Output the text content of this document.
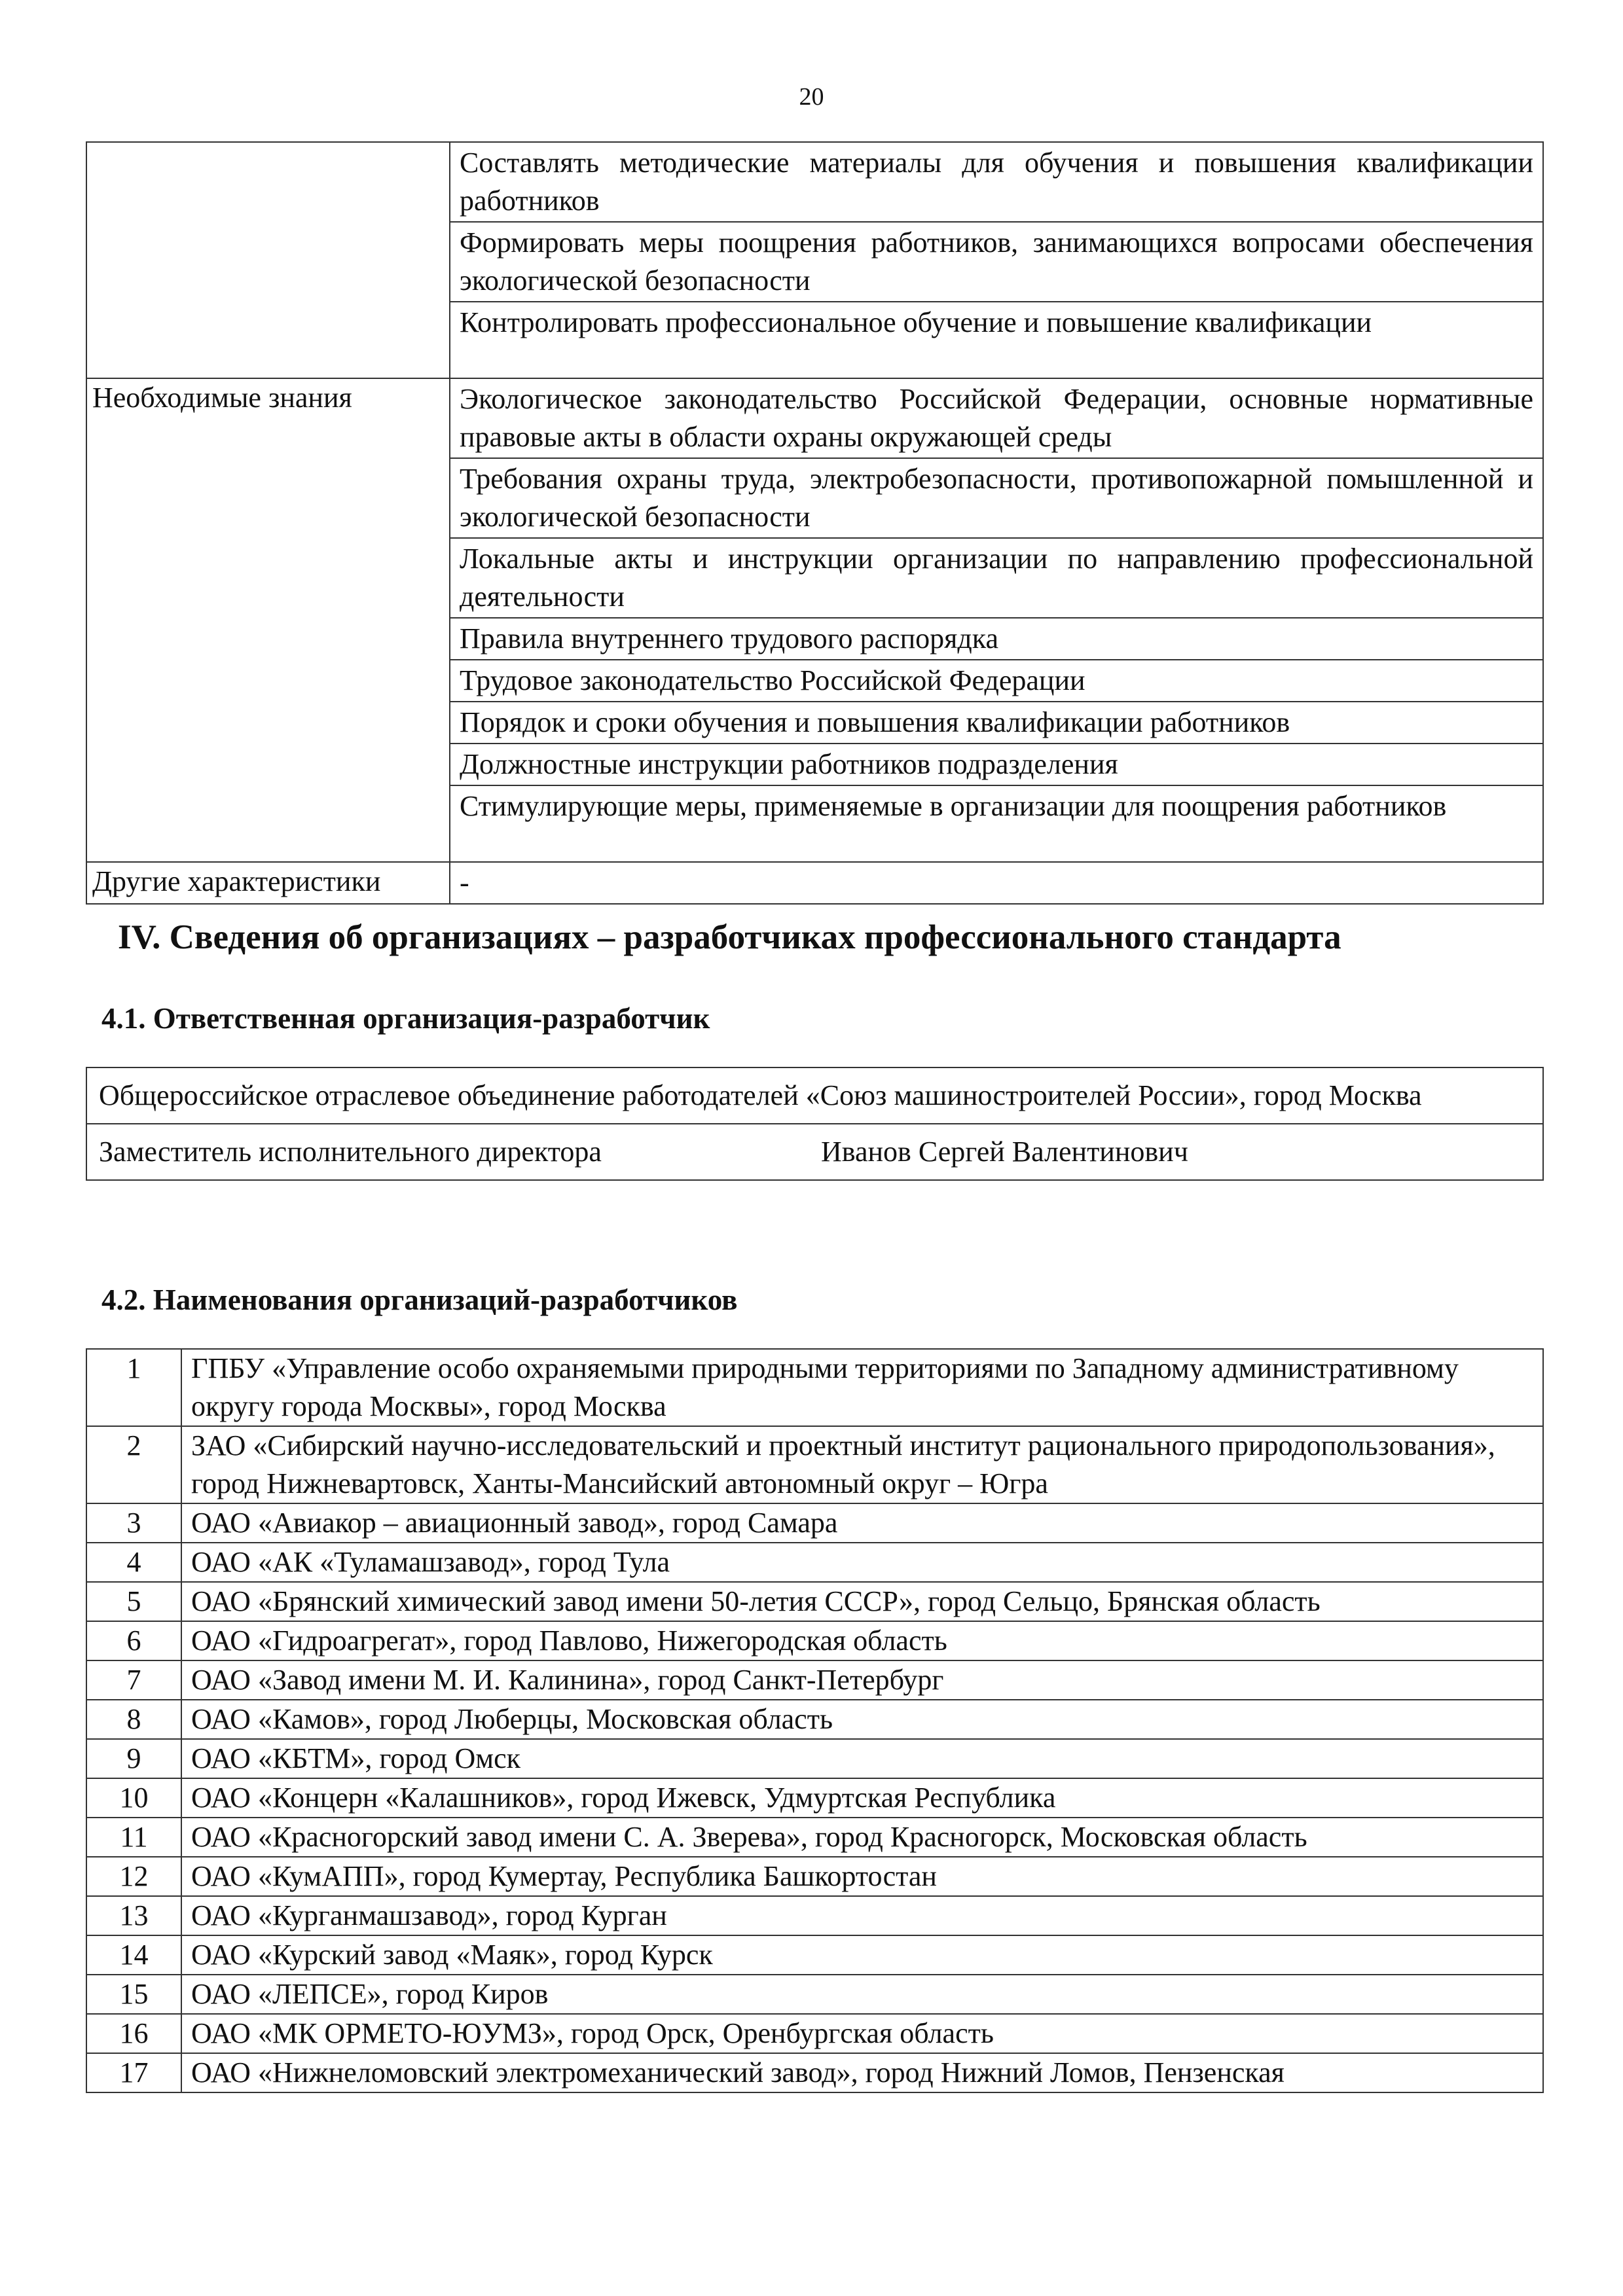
20
	Составлять методические материалы для обучения и повышения квалификации работников
	Формировать меры поощрения работников, занимающихся вопросами обеспечения экологической безопасности
	Контролировать профессиональное обучение и повышение квалификации
Необходимые знания	Экологическое законодательство Российской Федерации, основные нормативные правовые акты в области охраны окружающей среды
	Требования охраны труда, электробезопасности, противопожарной помышленной и экологической безопасности
	Локальные акты и инструкции организации по направлению профессиональной деятельности
	Правила внутреннего трудового распорядка
	Трудовое законодательство Российской Федерации
	Порядок и сроки обучения и повышения квалификации работников
	Должностные инструкции работников подразделения
	Стимулирующие меры, применяемые в организации для поощрения работников
Другие характеристики	-
IV. Сведения об организациях – разработчиках профессионального стандарта
4.1. Ответственная организация-разработчик
Общероссийское отраслевое объединение работодателей «Союз машиностроителей России», город Москва
Заместитель исполнительного директора	Иванов Сергей Валентинович
4.2. Наименования организаций-разработчиков
1	ГПБУ «Управление особо охраняемыми природными территориями по Западному административному округу города Москвы», город Москва
2	ЗАО «Сибирский научно-исследовательский и проектный институт рационального природопользования», город Нижневартовск, Ханты-Мансийский автономный округ – Югра
3	ОАО «Авиакор – авиационный завод», город Самара
4	ОАО «АК «Туламашзавод», город Тула
5	ОАО «Брянский химический завод имени 50-летия СССР», город Сельцо, Брянская область
6	ОАО «Гидроагрегат», город Павлово, Нижегородская область
7	ОАО «Завод имени М. И. Калинина», город Санкт-Петербург
8	ОАО «Камов», город Люберцы, Московская область
9	ОАО «КБТМ», город Омск
10	ОАО «Концерн «Калашников», город Ижевск, Удмуртская Республика
11	ОАО «Красногорский завод имени С. А. Зверева», город Красногорск, Московская область
12	ОАО «КумАПП», город Кумертау, Республика Башкортостан
13	ОАО «Курганмашзавод», город Курган
14	ОАО «Курский завод «Маяк», город Курск
15	ОАО «ЛЕПСЕ», город Киров
16	ОАО «МК ОРМЕТО-ЮУМЗ», город Орск, Оренбургская область
17	ОАО «Нижнеломовский электромеханический завод», город Нижний Ломов, Пензенская
